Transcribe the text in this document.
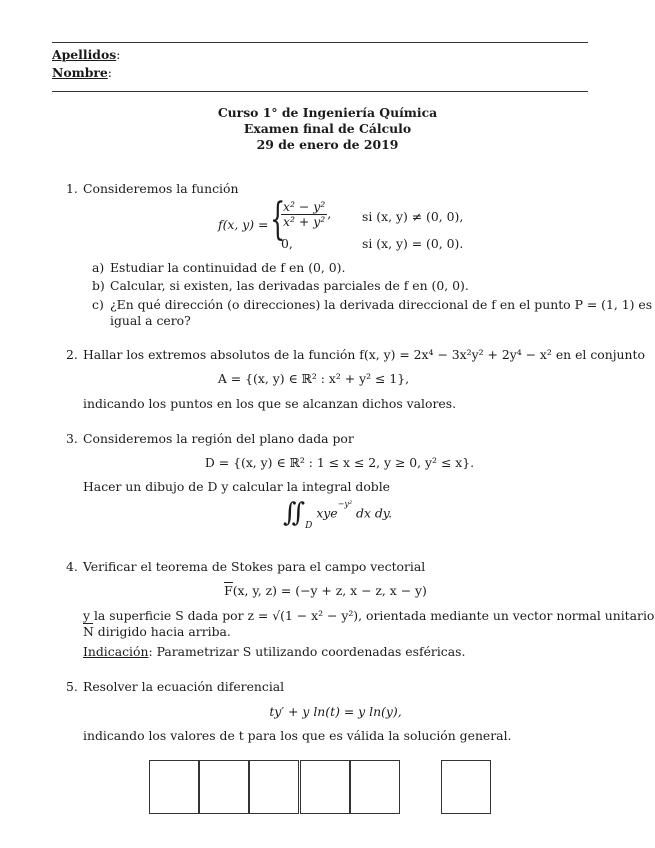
Apellidos:
Nombre:
Curso 1° de Ingeniería Química
Examen final de Cálculo
29 de enero de 2019
1. Consideremos la función
f(x, y) = {
$\frac{\text{x² − y²}}{\text{x² + y²}}$ , si (x, y) ≠ (0, 0),
0,	si (x, y) = (0, 0).
a) Estudiar la continuidad de f en (0, 0).
b) Calcular, si existen, las derivadas parciales de f en (0, 0).
c) ¿En qué dirección (o direcciones) la derivada direccional de f en el punto P = (1, 1) es
igual a cero?
2. Hallar los extremos absolutos de la función f(x, y) = 2x⁴ − 3x²y² + 2y⁴ − x² en el conjunto
A = {(x, y) ∈ ℝ² : x² + y² ≤ 1},
indicando los puntos en los que se alcanzan dichos valores.
3. Consideremos la región del plano dada por
D = {(x, y) ∈ ℝ² : 1 ≤ x ≤ 2, y ≥ 0, y² ≤ x}.
Hacer un dibujo de D y calcular la integral doble
$∬_D$ xye$^{-y^2}$ dx dy.
4. Verificar el teorema de Stokes para el campo vectorial
F(x, y, z) = (−y + z, x − z, x − y)
y la superficie S dada por z = √(1 − x² − y²), orientada mediante un vector normal unitario
N dirigido hacia arriba.
Indicación: Parametrizar S utilizando coordenadas esféricas.
5. Resolver la ecuación diferencial
ty′ + y ln(t) = y ln(y),
indicando los valores de t para los que es válida la solución general.
